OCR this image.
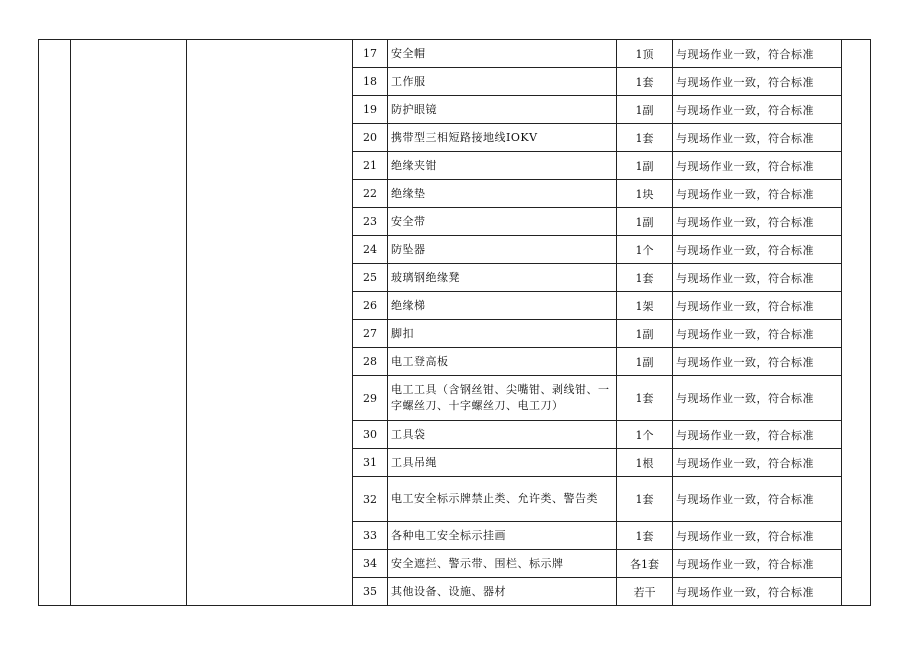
			17	安全帽	1顶	与现场作业一致，符合标准	
			18	工作服	1套	与现场作业一致，符合标准	
			19	防护眼镜	1副	与现场作业一致，符合标准	
			20	携带型三相短路接地线IOKV	1套	与现场作业一致，符合标准	
			21	绝缘夹钳	1副	与现场作业一致，符合标准	
			22	绝缘垫	1块	与现场作业一致，符合标准	
			23	安全带	1副	与现场作业一致，符合标准	
			24	防坠器	1个	与现场作业一致，符合标准	
			25	玻璃钢绝缘凳	1套	与现场作业一致，符合标准	
			26	绝缘梯	1架	与现场作业一致，符合标准	
			27	脚扣	1副	与现场作业一致，符合标准	
			28	电工登高板	1副	与现场作业一致，符合标准	
			29	电工工具（含钢丝钳、尖嘴钳、剥线钳、一字螺丝刀、十字螺丝刀、电工刀）	1套	与现场作业一致，符合标准	
			30	工具袋	1个	与现场作业一致，符合标准	
			31	工具吊绳	1根	与现场作业一致，符合标准	
			32	电工安全标示牌禁止类、允许类、警告类	1套	与现场作业一致，符合标准	
			33	各种电工安全标示挂画	1套	与现场作业一致，符合标准	
			34	安全遮拦、警示带、围栏、标示牌	各1套	与现场作业一致，符合标准	
			35	其他设备、设施、器材	若干	与现场作业一致，符合标准	
